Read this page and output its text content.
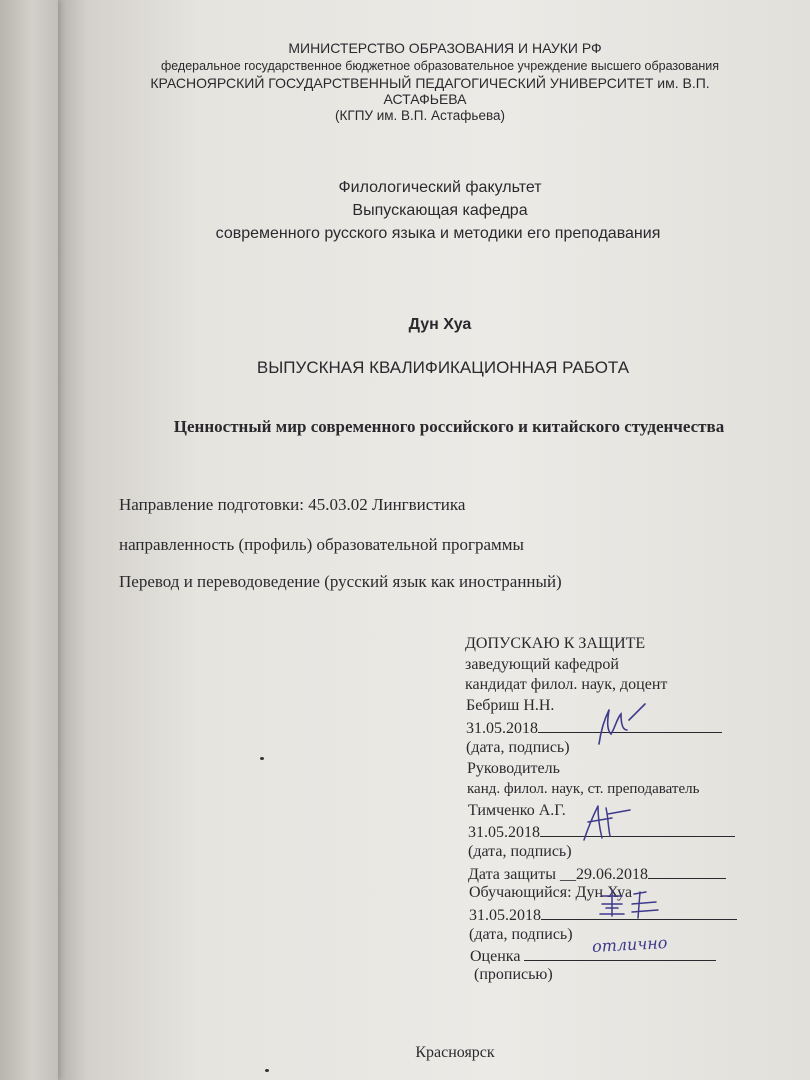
МИНИСТЕРСТВО ОБРАЗОВАНИЯ И НАУКИ РФ
федеральное государственное бюджетное образовательное учреждение высшего образования
КРАСНОЯРСКИЙ ГОСУДАРСТВЕННЫЙ ПЕДАГОГИЧЕСКИЙ УНИВЕРСИТЕТ им. В.П.
АСТАФЬЕВА
(КГПУ им. В.П. Астафьева)
Филологический факультет
Выпускающая кафедра
современного русского языка и методики его преподавания
Дун Хуа
ВЫПУСКНАЯ КВАЛИФИКАЦИОННАЯ РАБОТА
Ценностный мир современного российского и китайского студенчества
Направление подготовки: 45.03.02 Лингвистика
направленность (профиль) образовательной программы
Перевод и переводоведение (русский язык как иностранный)
ДОПУСКАЮ К ЗАЩИТЕ
заведующий кафедрой
кандидат филол. наук, доцент
Бебриш Н.Н.
31.05.2018
(дата, подпись)
Руководитель
канд. филол. наук, ст. преподаватель
Тимченко А.Г.
31.05.2018
(дата, подпись)
Дата защиты __29.06.2018
Обучающийся: Дун Хуа
31.05.2018
(дата, подпись)
Оценка
(прописью)
отлично
Красноярск
